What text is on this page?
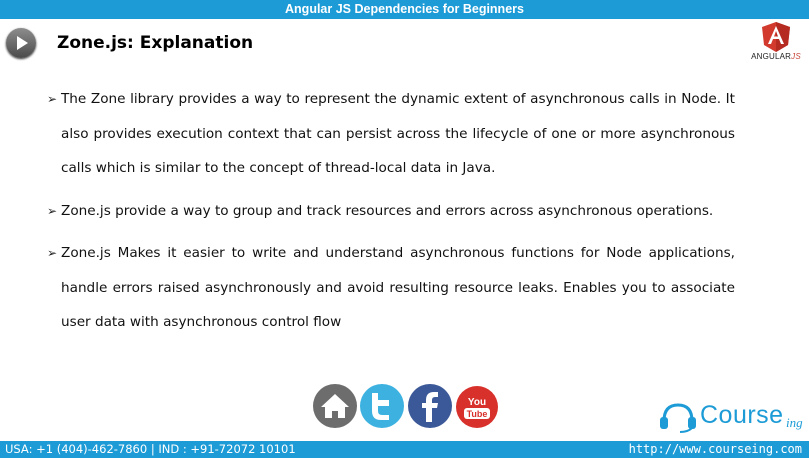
Angular JS Dependencies for Beginners
Zone.js: Explanation
ANGULARJS
➢ The Zone library provides a way to represent the dynamic extent of asynchronous calls in Node. It also provides execution context that can persist across the lifecycle of one or more asynchronous calls which is similar to the concept of thread-local data in Java.

➢ Zone.js provide a way to group and track resources and errors across asynchronous operations.

➢ Zone.js Makes it easier to write and understand asynchronous functions for Node applications, handle errors raised asynchronously and avoid resulting resource leaks. Enables you to associate user data with asynchronous control flow

You
Tube	Course ing
USA: +1 (404)-462-7860 | IND : +91-72072 10101	http://www.courseing.com
